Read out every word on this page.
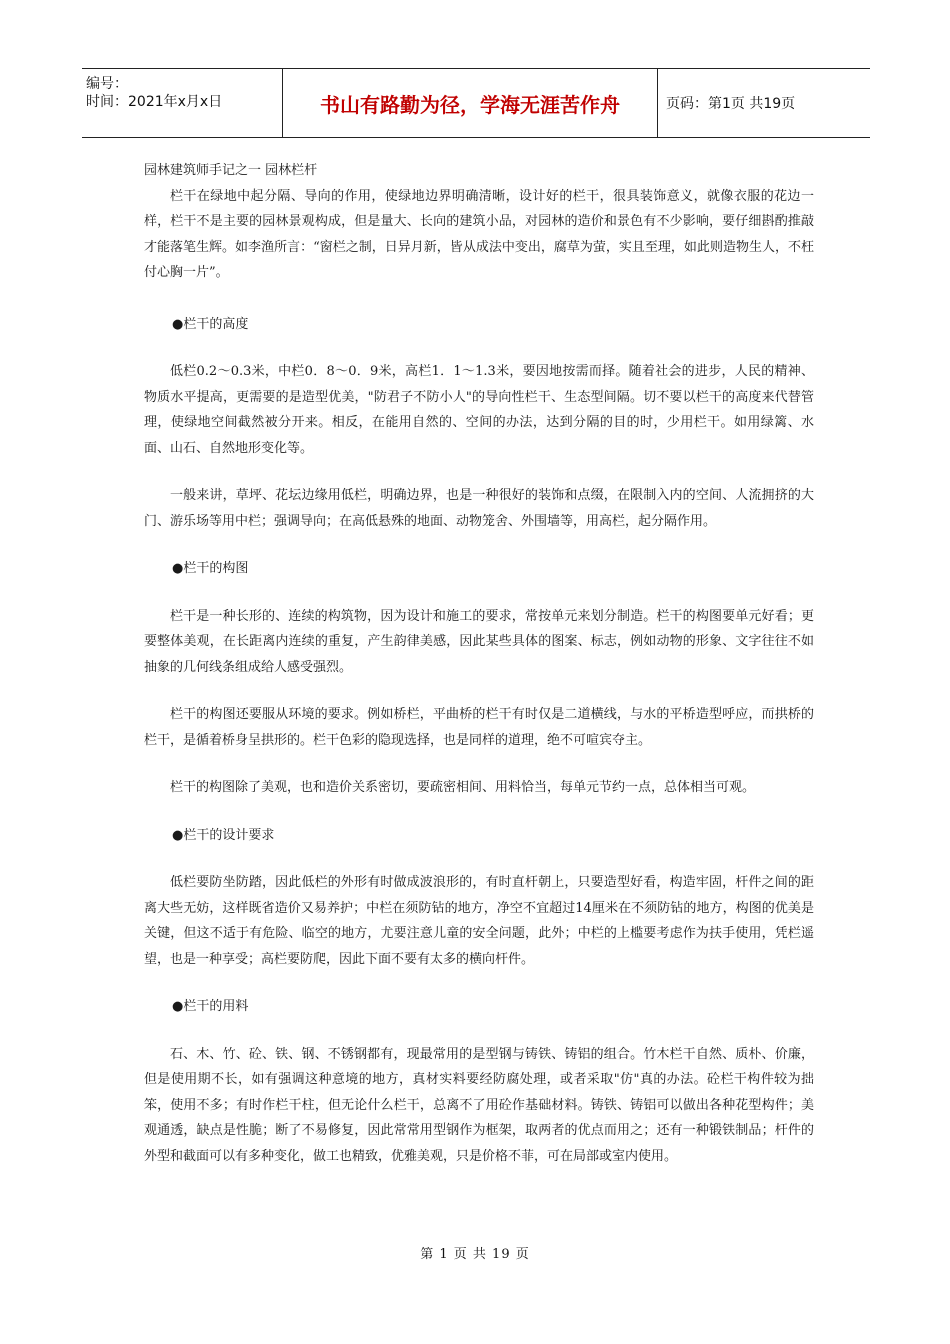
编号：
时间：2021年x月x日	书山有路勤为径，学海无涯苦作舟	页码：第1页 共19页

园林建筑师手记之一 园林栏杆

栏干在绿地中起分隔、导向的作用，使绿地边界明确清晰，设计好的栏干，很具装饰意义，就像衣服的花边一样，栏干不是主要的园林景观构成，但是量大、长向的建筑小品，对园林的造价和景色有不少影响，要仔细斟酌推敲才能落笔生辉。如李渔所言：“窗栏之制，日异月新，皆从成法中变出，腐草为萤，实且至理，如此则造物生人，不枉付心胸一片”。

●栏干的高度

低栏0.2～0.3米，中栏0．8～0．9米，高栏1．1～1.3米，要因地按需而择。随着社会的进步，人民的精神、物质水平提高，更需要的是造型优美，"防君子不防小人"的导向性栏干、生态型间隔。切不要以栏干的高度来代替管理，使绿地空间截然被分开来。相反，在能用自然的、空间的办法，达到分隔的目的时，少用栏干。如用绿篱、水面、山石、自然地形变化等。

一般来讲，草坪、花坛边缘用低栏，明确边界，也是一种很好的装饰和点缀，在限制入内的空间、人流拥挤的大门、游乐场等用中栏；强调导向；在高低悬殊的地面、动物笼舍、外围墙等，用高栏，起分隔作用。

●栏干的构图

栏干是一种长形的、连续的构筑物，因为设计和施工的要求，常按单元来划分制造。栏干的构图要单元好看；更要整体美观，在长距离内连续的重复，产生韵律美感，因此某些具体的图案、标志，例如动物的形象、文字往往不如抽象的几何线条组成给人感受强烈。

栏干的构图还要服从环境的要求。例如桥栏，平曲桥的栏干有时仅是二道横线，与水的平桥造型呼应，而拱桥的栏干，是循着桥身呈拱形的。栏干色彩的隐现选择，也是同样的道理，绝不可喧宾夺主。

栏干的构图除了美观，也和造价关系密切，要疏密相间、用料恰当，每单元节约一点，总体相当可观。

●栏干的设计要求

低栏要防坐防踏，因此低栏的外形有时做成波浪形的，有时直杆朝上，只要造型好看，构造牢固，杆件之间的距离大些无妨，这样既省造价又易养护；中栏在须防钻的地方，净空不宜超过14厘米在不须防钻的地方，构图的优美是关键，但这不适于有危险、临空的地方，尤要注意儿童的安全问题，此外；中栏的上槛要考虑作为扶手使用，凭栏遥望，也是一种享受；高栏要防爬，因此下面不要有太多的横向杆件。

●栏干的用料

石、木、竹、砼、铁、钢、不锈钢都有，现最常用的是型钢与铸铁、铸铝的组合。竹木栏干自然、质朴、价廉，但是使用期不长，如有强调这种意境的地方，真材实料要经防腐处理，或者采取"仿"真的办法。砼栏干构件较为拙笨，使用不多；有时作栏干柱，但无论什么栏干，总离不了用砼作基础材料。铸铁、铸铝可以做出各种花型构件；美观通透，缺点是性脆；断了不易修复，因此常常用型钢作为框架，取两者的优点而用之；还有一种锻铁制品；杆件的外型和截面可以有多种变化，做工也精致，优雅美观，只是价格不菲，可在局部或室内使用。

第 1 页 共 19 页
